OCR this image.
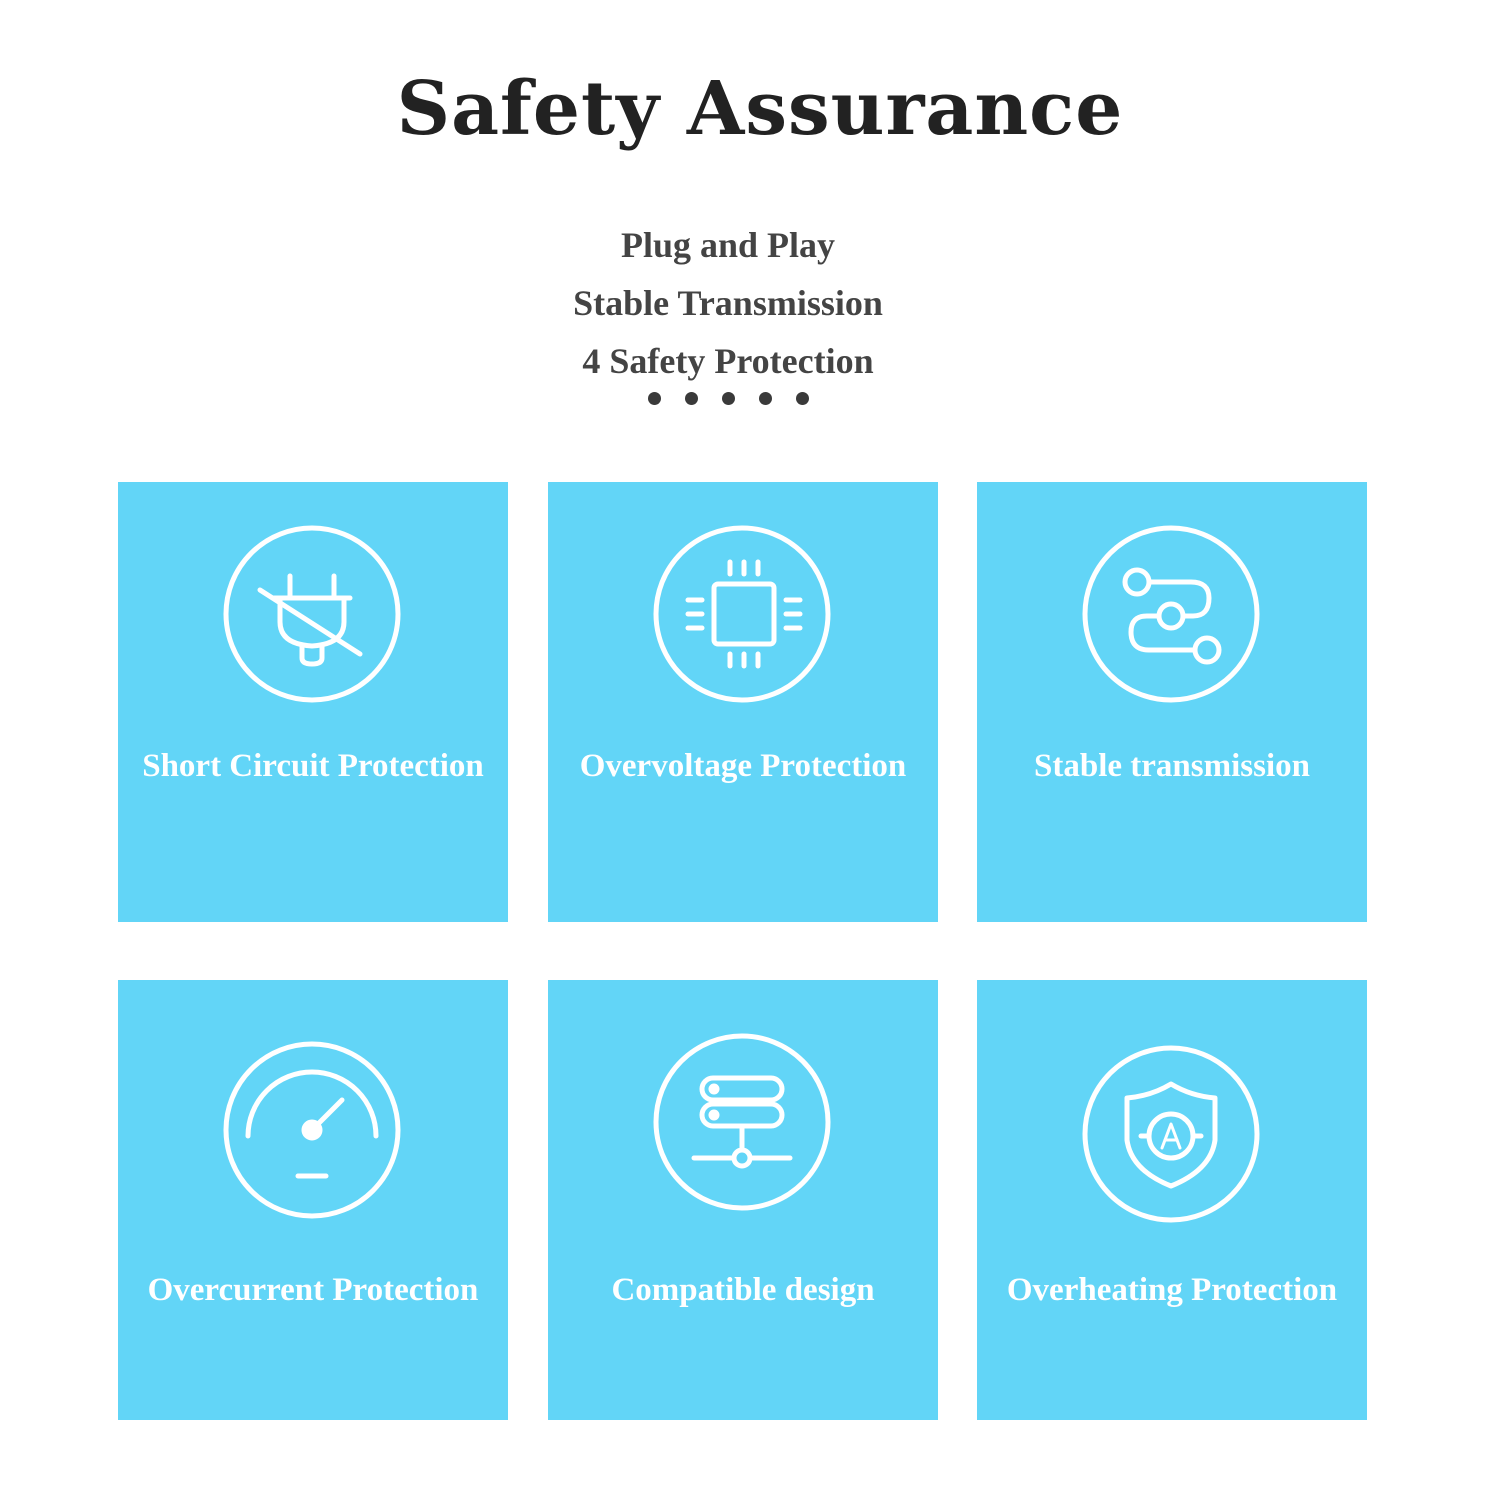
Safety Assurance
Plug and Play
Stable Transmission
4 Safety Protection
Short Circuit Protection	Overvoltage Protection	Stable transmission
Overcurrent Protection	Compatible design	Overheating Protection
